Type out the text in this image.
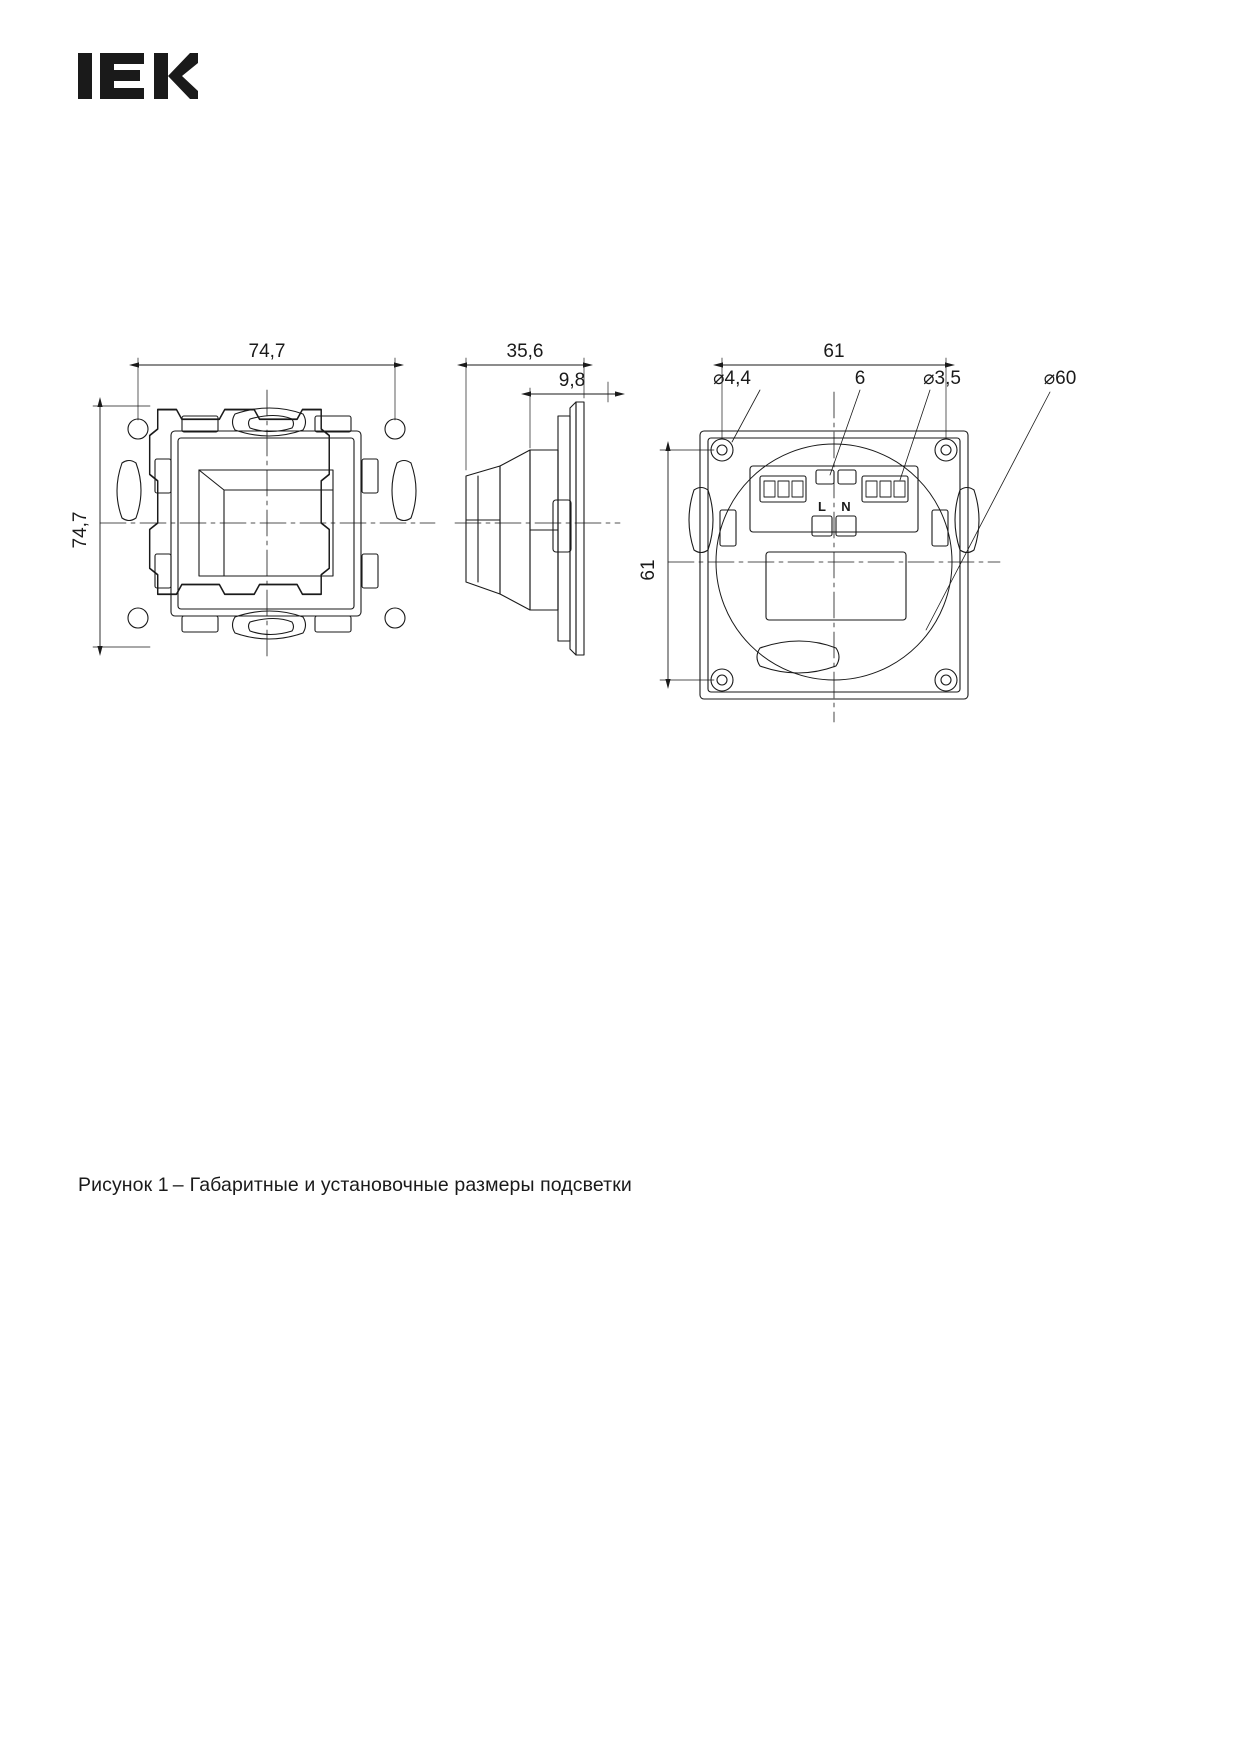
74,7
74,7
35,6
9,8
61
61
⌀4,4	6	⌀3,5	⌀60
L N
Рисунок 1 – Габаритные и установочные размеры подсветки
